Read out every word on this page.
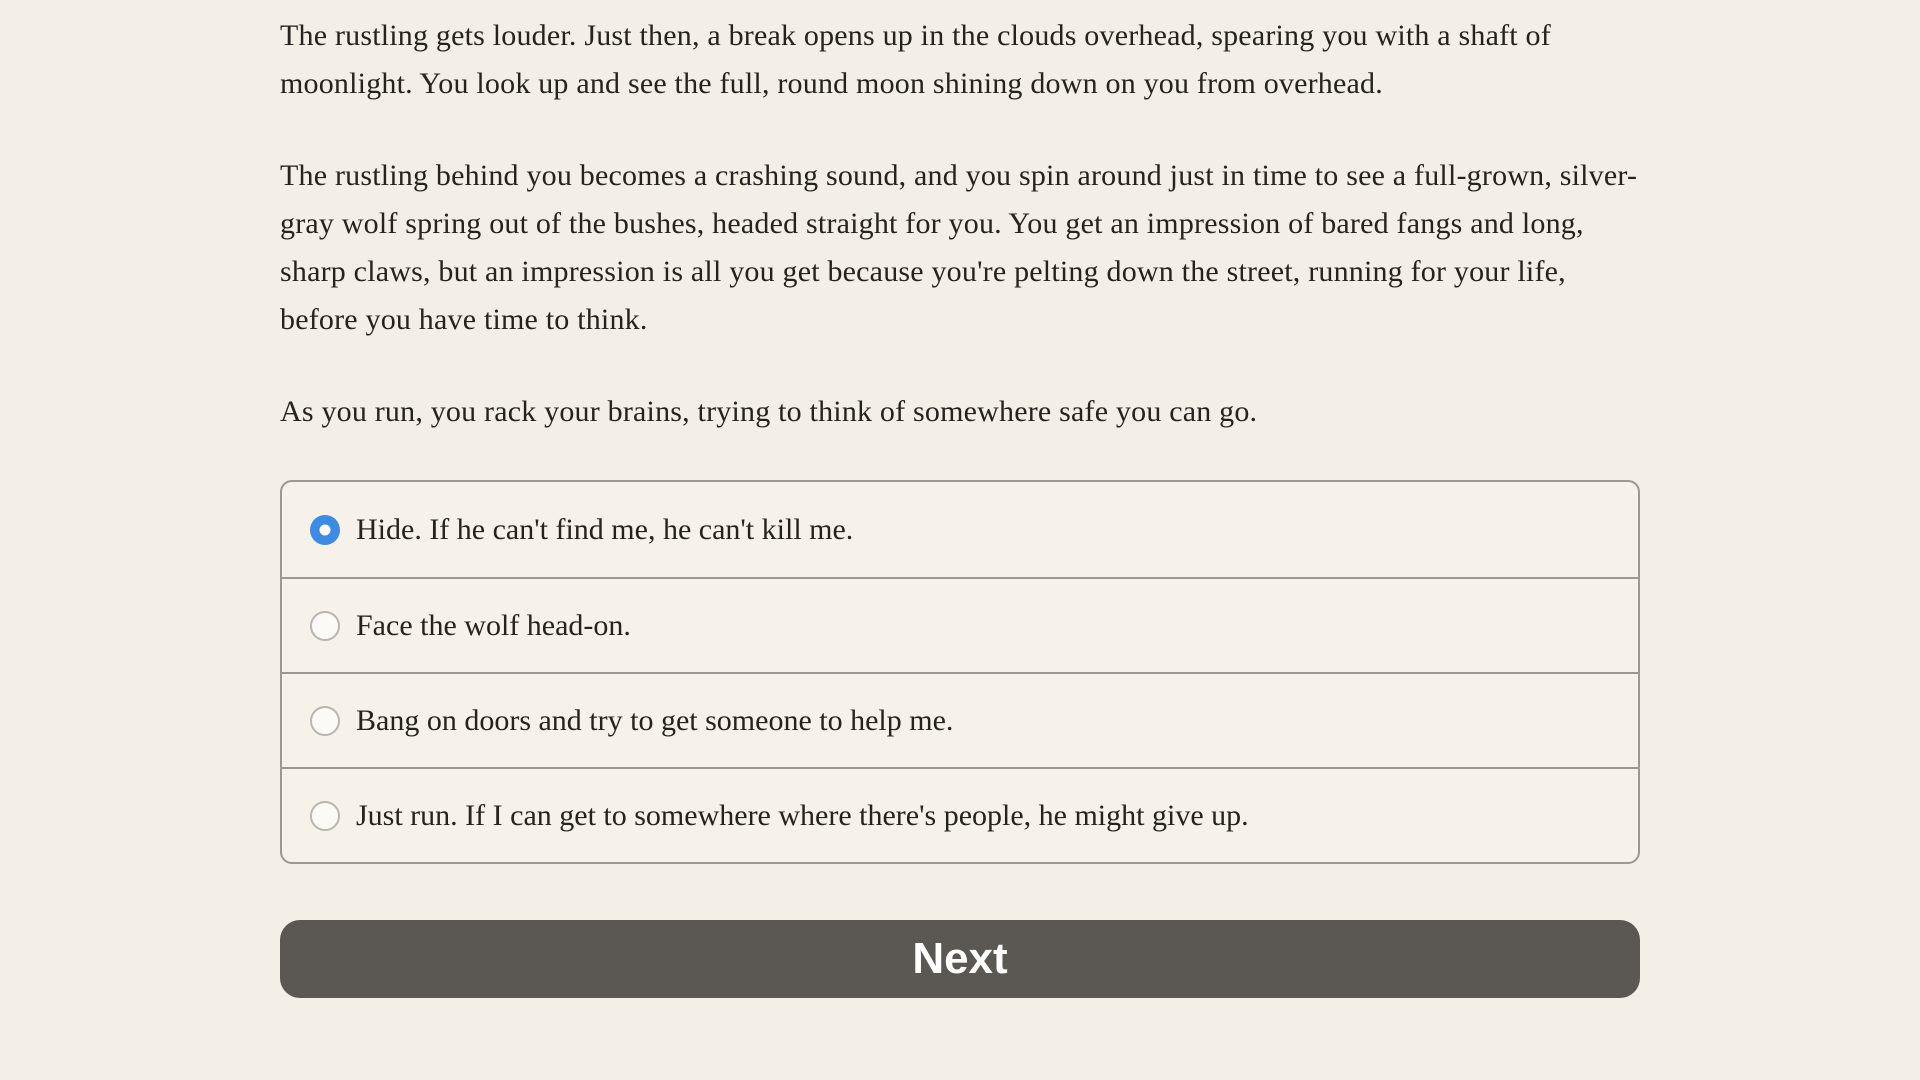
The rustling gets louder. Just then, a break opens up in the clouds overhead, spearing you with a shaft of moonlight. You look up and see the full, round moon shining down on you from overhead.

The rustling behind you becomes a crashing sound, and you spin around just in time to see a full-grown, silver-gray wolf spring out of the bushes, headed straight for you. You get an impression of bared fangs and long, sharp claws, but an impression is all you get because you're pelting down the street, running for your life, before you have time to think.

As you run, you rack your brains, trying to think of somewhere safe you can go.

Hide. If he can't find me, he can't kill me.
Face the wolf head-on.
Bang on doors and try to get someone to help me.
Just run. If I can get to somewhere where there's people, he might give up.
Next
